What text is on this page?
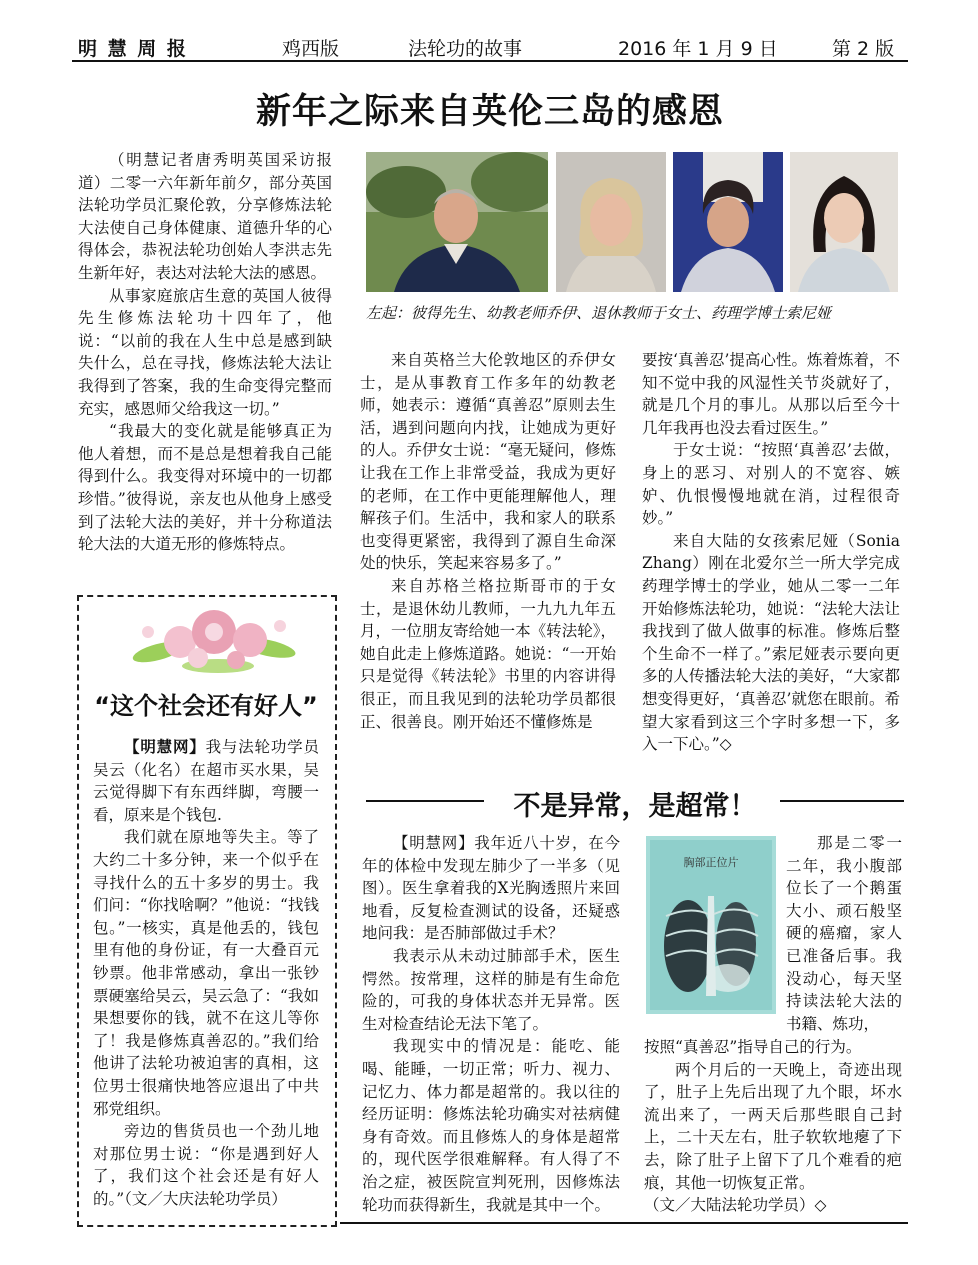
明 慧 周 报	鸡西版	法轮功的故事	2016 年 1 月 9 日	第 2 版
新年之际来自英伦三岛的感恩
左起：彼得先生、幼教老师乔伊、退休教师于女士、药理学博士索尼娅

（明慧记者唐秀明英国采访报道）二零一六年新年前夕，部分英国法轮功学员汇聚伦敦，分享修炼法轮大法使自己身体健康、道德升华的心得体会，恭祝法轮功创始人李洪志先生新年好，表达对法轮大法的感恩。

从事家庭旅店生意的英国人彼得先生修炼法轮功十四年了，他说：“以前的我在人生中总是感到缺失什么，总在寻找，修炼法轮大法让我得到了答案，我的生命变得完整而充实，感恩师父给我这一切。”

“我最大的变化就是能够真正为他人着想，而不是总是想着我自己能得到什么。我变得对环境中的一切都珍惜。”彼得说，亲友也从他身上感受到了法轮大法的美好，并十分称道法轮大法的大道无形的修炼特点。

来自英格兰大伦敦地区的乔伊女士，是从事教育工作多年的幼教老师，她表示：遵循“真善忍”原则去生活，遇到问题向内找，让她成为更好的人。乔伊女士说：“毫无疑问，修炼让我在工作上非常受益，我成为更好的老师，在工作中更能理解他人，理解孩子们。生活中，我和家人的联系也变得更紧密，我得到了源自生命深处的快乐，笑起来容易多了。”

来自苏格兰格拉斯哥市的于女士，是退休幼儿教师，一九九九年五月，一位朋友寄给她一本《转法轮》，她自此走上修炼道路。她说：“一开始只是觉得《转法轮》书里的内容讲得很正，而且我见到的法轮功学员都很正、很善良。刚开始还不懂修炼是

要按‘真善忍’提高心性。炼着炼着，不知不觉中我的风湿性关节炎就好了，就是几个月的事儿。从那以后至今十几年我再也没去看过医生。”

于女士说：“按照‘真善忍’去做，身上的恶习、对别人的不宽容、嫉妒、仇恨慢慢地就在消，过程很奇妙。”

来自大陆的女孩索尼娅（Sonia Zhang）刚在北爱尔兰一所大学完成药理学博士的学业，她从二零一二年开始修炼法轮功，她说：“法轮大法让我找到了做人做事的标准。修炼后整个生命不一样了。”索尼娅表示要向更多的人传播法轮大法的美好，“大家都想变得更好，‘真善忍’就您在眼前。希望大家看到这三个字时多想一下，多入一下心。”◇

“这个社会还有好人”

【明慧网】我与法轮功学员吴云（化名）在超市买水果，吴云觉得脚下有东西绊脚，弯腰一看，原来是个钱包.

我们就在原地等失主。等了大约二十多分钟，来一个似乎在寻找什么的五十多岁的男士。我们问：“你找啥啊？”他说：“找钱包。”一核实，真是他丢的，钱包里有他的身份证，有一大叠百元钞票。他非常感动，拿出一张钞票硬塞给吴云，吴云急了：“我如果想要你的钱，就不在这儿等你了！我是修炼真善忍的。”我们给他讲了法轮功被迫害的真相，这位男士很痛快地答应退出了中共邪党组织。

旁边的售货员也一个劲儿地对那位男士说：“你是遇到好人了，我们这个社会还是有好人的。”（文／大庆法轮功学员）

不是异常，是超常！

【明慧网】我年近八十岁，在今年的体检中发现左肺少了一半多（见图）。医生拿着我的X光胸透照片来回地看，反复检查测试的设备，还疑惑地问我：是否肺部做过手术？

我表示从未动过肺部手术，医生愕然。按常理，这样的肺是有生命危险的，可我的身体状态并无异常。医生对检查结论无法下笔了。

我现实中的情况是：能吃、能喝、能睡，一切正常；听力、视力、记忆力、体力都是超常的。我以往的经历证明：修炼法轮功确实对祛病健身有奇效。而且修炼人的身体是超常的，现代医学很难解释。有人得了不治之症，被医院宣判死刑，因修炼法轮功而获得新生，我就是其中一个。

胸部正位片

那是二零一二年，我小腹部位长了一个鹅蛋大小、顽石般坚硬的癌瘤，家人已准备后事。我没动心，每天坚持读法轮大法的书籍、炼功，

按照“真善忍”指导自己的行为。

两个月后的一天晚上，奇迹出现了，肚子上先后出现了九个眼，坏水流出来了，一两天后那些眼自己封上，二十天左右，肚子软软地瘪了下去，除了肚子上留下了几个难看的疤痕，其他一切恢复正常。

（文／大陆法轮功学员）◇
